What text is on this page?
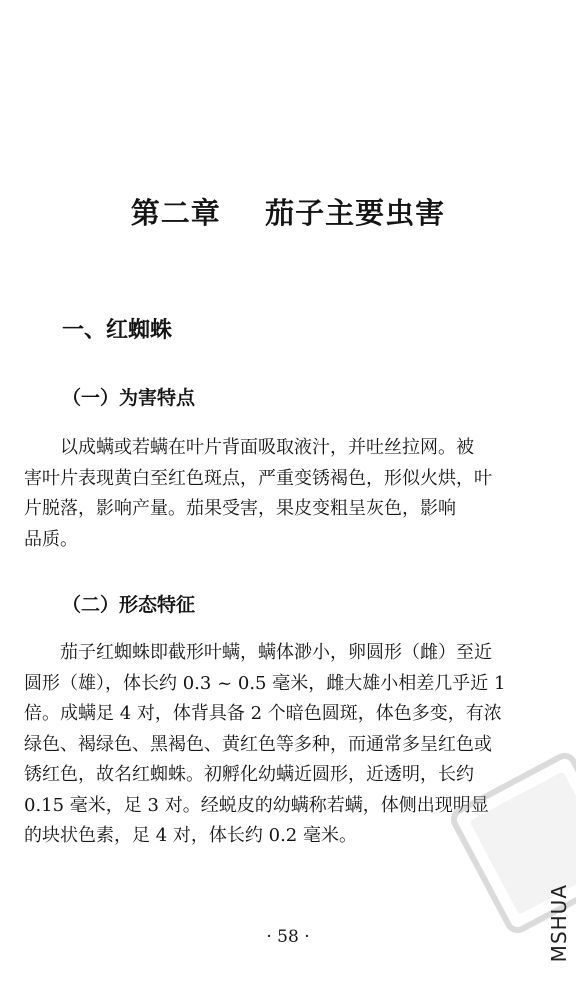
第二章    茄子主要虫害
一、红蜘蛛
（一）为害特点
以成螨或若螨在叶片背面吸取液汁，并吐丝拉网。被
害叶片表现黄白至红色斑点，严重变锈褐色，形似火烘，叶
片脱落，影响产量。茄果受害，果皮变粗呈灰色，影响
品质。
（二）形态特征
茄子红蜘蛛即截形叶螨，螨体渺小，卵圆形（雌）至近
圆形（雄），体长约 0.3 ~ 0.5 毫米，雌大雄小相差几乎近 1
倍。成螨足 4 对，体背具备 2 个暗色圆斑，体色多变，有浓
绿色、褐绿色、黑褐色、黄红色等多种，而通常多呈红色或
锈红色，故名红蜘蛛。初孵化幼螨近圆形，近透明，长约
0.15 毫米，足 3 对。经蜕皮的幼螨称若螨，体侧出现明显
的块状色素，足 4 对，体长约 0.2 毫米。
· 58 ·	MSHUA
